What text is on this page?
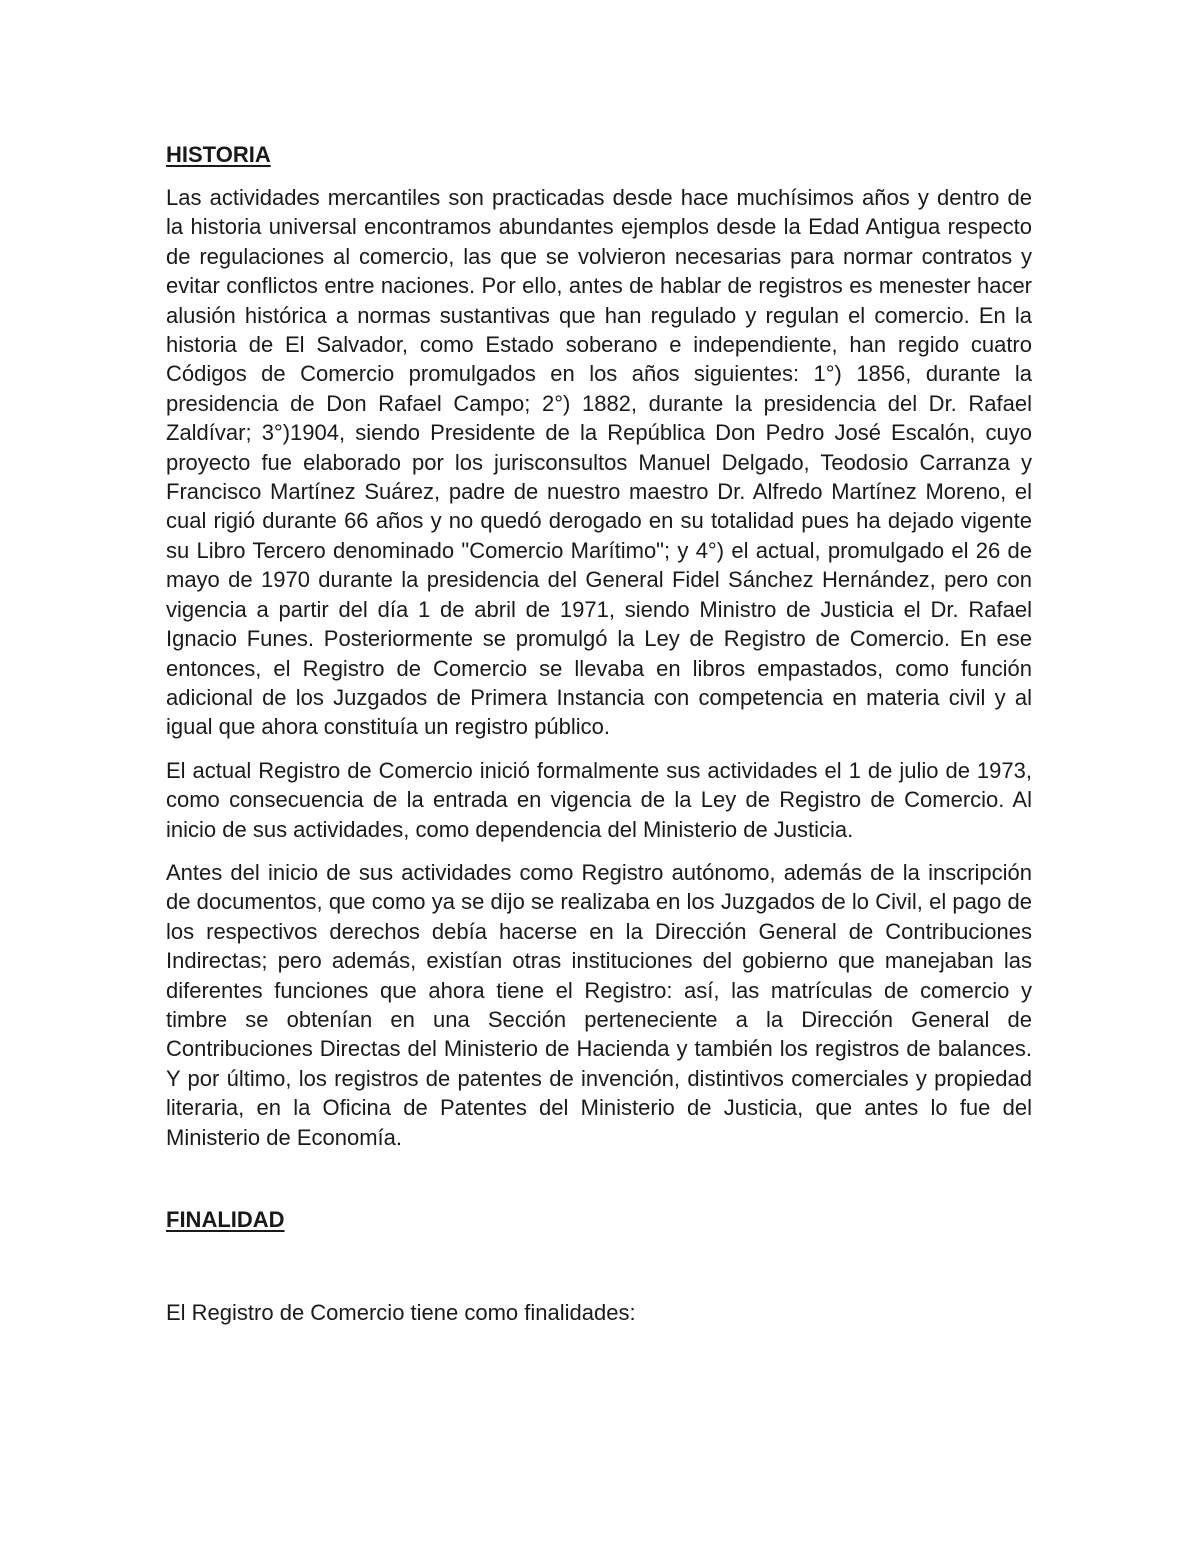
HISTORIA

Las actividades mercantiles son practicadas desde hace muchísimos años y dentro de la historia universal encontramos abundantes ejemplos desde la Edad Antigua respecto de regulaciones al comercio, las que se volvieron necesarias para normar contratos y evitar conflictos entre naciones. Por ello, antes de hablar de registros es menester hacer alusión histórica a normas sustantivas que han regulado y regulan el comercio. En la historia de El Salvador, como Estado soberano e independiente, han regido cuatro Códigos de Comercio promulgados en los años siguientes: 1°) 1856, durante la presidencia de Don Rafael Campo; 2°) 1882, durante la presidencia del Dr. Rafael Zaldívar; 3°)1904, siendo Presidente de la República Don Pedro José Escalón, cuyo proyecto fue elaborado por los jurisconsultos Manuel Delgado, Teodosio Carranza y Francisco Martínez Suárez, padre de nuestro maestro Dr. Alfredo Martínez Moreno, el cual rigió durante 66 años y no quedó derogado en su totalidad pues ha dejado vigente su Libro Tercero denominado "Comercio Marítimo"; y 4°) el actual, promulgado el 26 de mayo de 1970 durante la presidencia del General Fidel Sánchez Hernández, pero con vigencia a partir del día 1 de abril de 1971, siendo Ministro de Justicia el Dr. Rafael Ignacio Funes. Posteriormente se promulgó la Ley de Registro de Comercio. En ese entonces, el Registro de Comercio se llevaba en libros empastados, como función adicional de los Juzgados de Primera Instancia con competencia en materia civil y al igual que ahora constituía un registro público.

El actual Registro de Comercio inició formalmente sus actividades el 1 de julio de 1973, como consecuencia de la entrada en vigencia de la Ley de Registro de Comercio. Al inicio de sus actividades, como dependencia del Ministerio de Justicia.

Antes del inicio de sus actividades como Registro autónomo, además de la inscripción de documentos, que como ya se dijo se realizaba en los Juzgados de lo Civil, el pago de los respectivos derechos debía hacerse en la Dirección General de Contribuciones Indirectas; pero además, existían otras instituciones del gobierno que manejaban las diferentes funciones que ahora tiene el Registro: así, las matrículas de comercio y timbre se obtenían en una Sección perteneciente a la Dirección General de Contribuciones Directas del Ministerio de Hacienda y también los registros de balances. Y por último, los registros de patentes de invención, distintivos comerciales y propiedad literaria, en la Oficina de Patentes del Ministerio de Justicia, que antes lo fue del Ministerio de Economía.

FINALIDAD

El Registro de Comercio tiene como finalidades:
